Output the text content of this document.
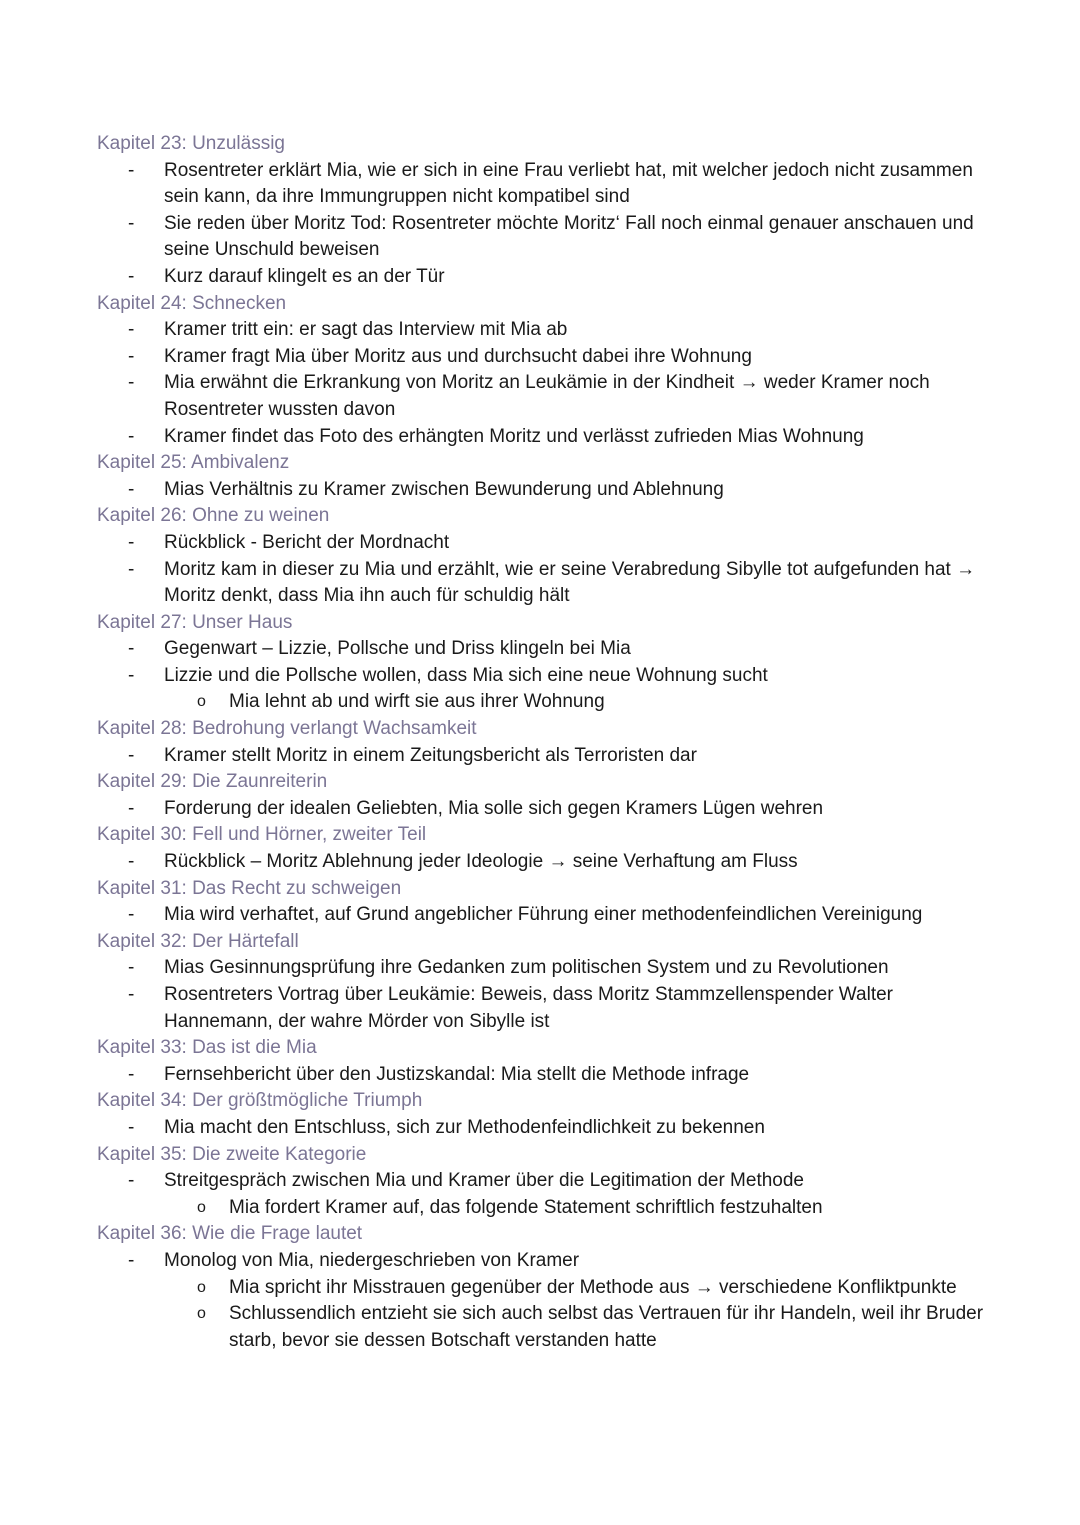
Kapitel 23: Unzulässig
- Rosentreter erklärt Mia, wie er sich in eine Frau verliebt hat, mit welcher jedoch nicht zusammen sein kann, da ihre Immungruppen nicht kompatibel sind
- Sie reden über Moritz Tod: Rosentreter möchte Moritz‘ Fall noch einmal genauer anschauen und seine Unschuld beweisen
- Kurz darauf klingelt es an der Tür
Kapitel 24: Schnecken
- Kramer tritt ein: er sagt das Interview mit Mia ab
- Kramer fragt Mia über Moritz aus und durchsucht dabei ihre Wohnung
- Mia erwähnt die Erkrankung von Moritz an Leukämie in der Kindheit → weder Kramer noch Rosentreter wussten davon
- Kramer findet das Foto des erhängten Moritz und verlässt zufrieden Mias Wohnung
Kapitel 25: Ambivalenz
- Mias Verhältnis zu Kramer zwischen Bewunderung und Ablehnung
Kapitel 26: Ohne zu weinen
- Rückblick - Bericht der Mordnacht
- Moritz kam in dieser zu Mia und erzählt, wie er seine Verabredung Sibylle tot aufgefunden hat → Moritz denkt, dass Mia ihn auch für schuldig hält
Kapitel 27: Unser Haus
- Gegenwart – Lizzie, Pollsche und Driss klingeln bei Mia
- Lizzie und die Pollsche wollen, dass Mia sich eine neue Wohnung sucht
o Mia lehnt ab und wirft sie aus ihrer Wohnung
Kapitel 28: Bedrohung verlangt Wachsamkeit
- Kramer stellt Moritz in einem Zeitungsbericht als Terroristen dar
Kapitel 29: Die Zaunreiterin
- Forderung der idealen Geliebten, Mia solle sich gegen Kramers Lügen wehren
Kapitel 30: Fell und Hörner, zweiter Teil
- Rückblick – Moritz Ablehnung jeder Ideologie → seine Verhaftung am Fluss
Kapitel 31: Das Recht zu schweigen
- Mia wird verhaftet, auf Grund angeblicher Führung einer methodenfeindlichen Vereinigung
Kapitel 32: Der Härtefall
- Mias Gesinnungsprüfung ihre Gedanken zum politischen System und zu Revolutionen
- Rosentreters Vortrag über Leukämie: Beweis, dass Moritz Stammzellenspender Walter Hannemann, der wahre Mörder von Sibylle ist
Kapitel 33: Das ist die Mia
- Fernsehbericht über den Justizskandal: Mia stellt die Methode infrage
Kapitel 34: Der größtmögliche Triumph
- Mia macht den Entschluss, sich zur Methodenfeindlichkeit zu bekennen
Kapitel 35: Die zweite Kategorie
- Streitgespräch zwischen Mia und Kramer über die Legitimation der Methode
o Mia fordert Kramer auf, das folgende Statement schriftlich festzuhalten
Kapitel 36: Wie die Frage lautet
- Monolog von Mia, niedergeschrieben von Kramer
o Mia spricht ihr Misstrauen gegenüber der Methode aus → verschiedene Konfliktpunkte
o Schlussendlich entzieht sie sich auch selbst das Vertrauen für ihr Handeln, weil ihr Bruder starb, bevor sie dessen Botschaft verstanden hatte
